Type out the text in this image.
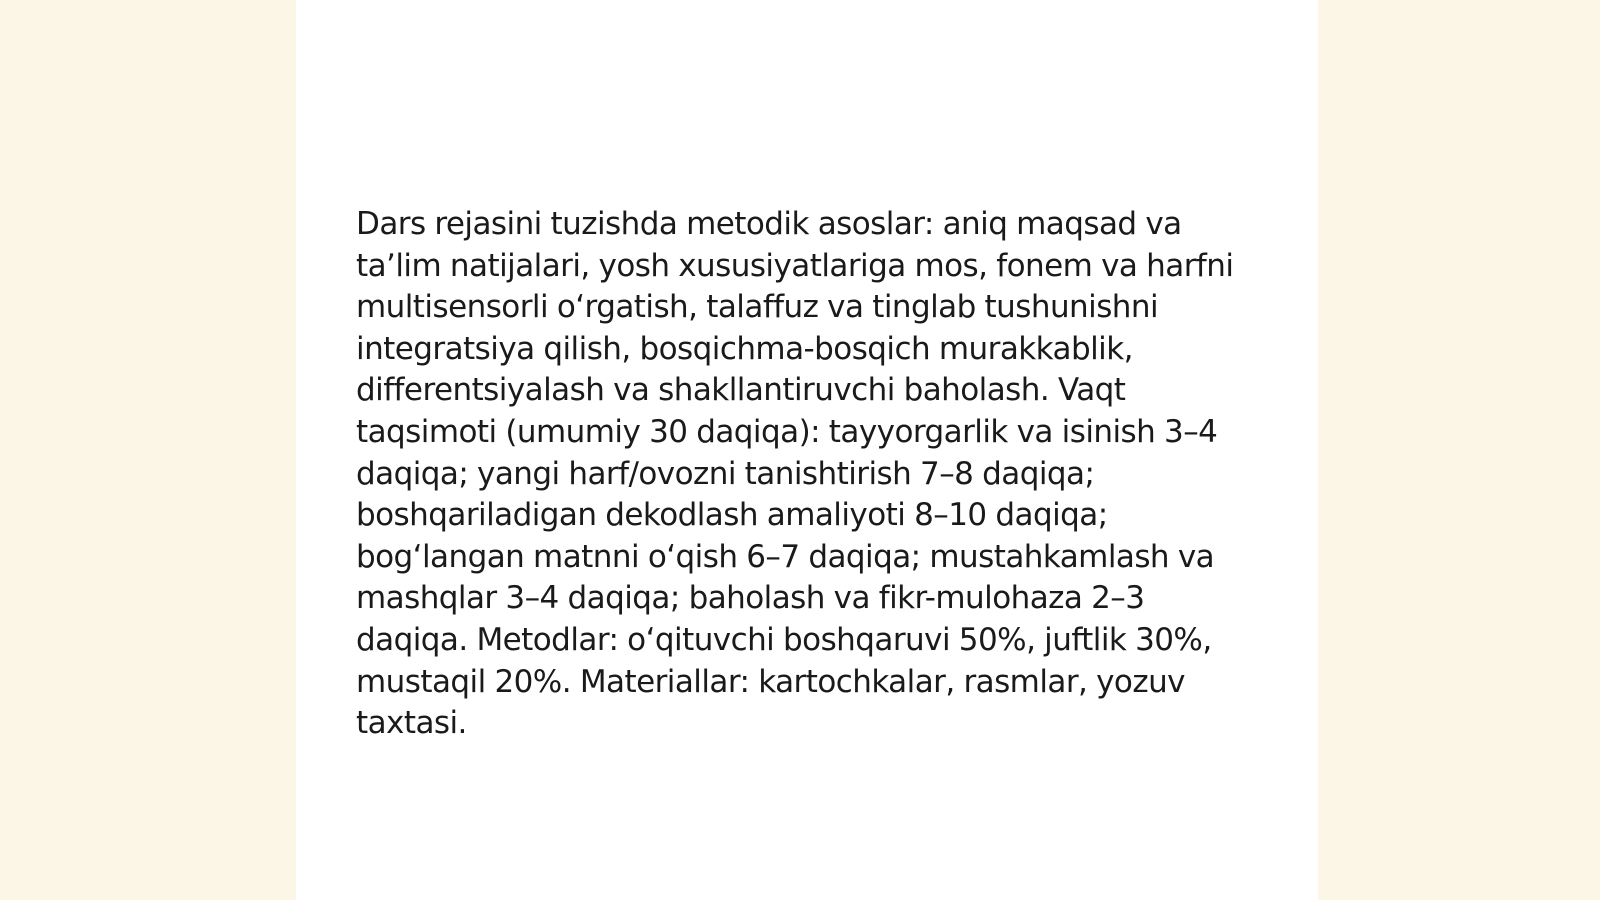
Dars rejasini tuzishda metodik asoslar: aniq maqsad va ta’lim natijalari, yosh xususiyatlariga mos, fonem va harfni multisensorli o‘rgatish, talaffuz va tinglab tushunishni integratsiya qilish, bosqichma-bosqich murakkablik, differentsiyalash va shakllantiruvchi baholash. Vaqt taqsimoti (umumiy 30 daqiqa): tayyorgarlik va isinish 3–4 daqiqa; yangi harf/ovozni tanishtirish 7–8 daqiqa; boshqariladigan dekodlash amaliyoti 8–10 daqiqa; bog‘langan matnni o‘qish 6–7 daqiqa; mustahkamlash va mashqlar 3–4 daqiqa; baholash va fikr-mulohaza 2–3 daqiqa. Metodlar: o‘qituvchi boshqaruvi 50%, juftlik 30%, mustaqil 20%. Materiallar: kartochkalar, rasmlar, yozuv taxtasi.
